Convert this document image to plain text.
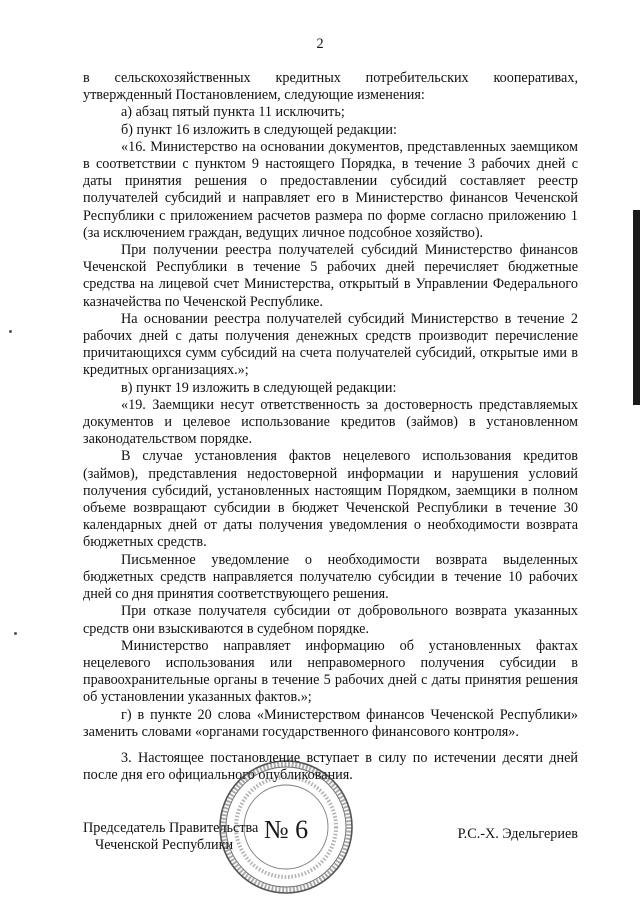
2

в сельскохозяйственных кредитных потребительских кооперативах, утвержденный Постановлением, следующие изменения:

а) абзац пятый пункта 11 исключить;

б) пункт 16 изложить в следующей редакции:

«16. Министерство на основании документов, представленных заемщиком в соответствии с пунктом 9 настоящего Порядка, в течение 3 рабочих дней с даты принятия решения о предоставлении субсидий составляет реестр получателей субсидий и направляет его в Министерство финансов Чеченской Республики с приложением расчетов размера по форме согласно приложению 1 (за исключением граждан, ведущих личное подсобное хозяйство).

При получении реестра получателей субсидий Министерство финансов Чеченской Республики в течение 5 рабочих дней перечисляет бюджетные средства на лицевой счет Министерства, открытый в Управлении Федерального казначейства по Чеченской Республике.

На основании реестра получателей субсидий Министерство в течение 2 рабочих дней с даты получения денежных средств производит перечисление причитающихся сумм субсидий на счета получателей субсидий, открытые ими в кредитных организациях.»;

в) пункт 19 изложить в следующей редакции:

«19. Заемщики несут ответственность за достоверность представляемых документов и целевое использование кредитов (займов) в установленном законодательством порядке.

В случае установления фактов нецелевого использования кредитов (займов), представления недостоверной информации и нарушения условий получения субсидий, установленных настоящим Порядком, заемщики в полном объеме возвращают субсидии в бюджет Чеченской Республики в течение 30 календарных дней от даты получения уведомления о необходимости возврата бюджетных средств.

Письменное уведомление о необходимости возврата выделенных бюджетных средств направляется получателю субсидии в течение 10 рабочих дней со дня принятия соответствующего решения.

При отказе получателя субсидии от добровольного возврата указанных средств они взыскиваются в судебном порядке.

Министерство направляет информацию об установленных фактах нецелевого использования или неправомерного получения субсидии в правоохранительные органы в течение 5 рабочих дней с даты принятия решения об установлении указанных фактов.»;

г) в пункте 20 слова «Министерством финансов Чеченской Республики» заменить словами «органами государственного финансового контроля».

3. Настоящее постановление вступает в силу по истечении десяти дней после дня его официального опубликования.

Председатель Правительства
Чеченской Республики
Р.С.-Х. Эдельгериев
№ 6
